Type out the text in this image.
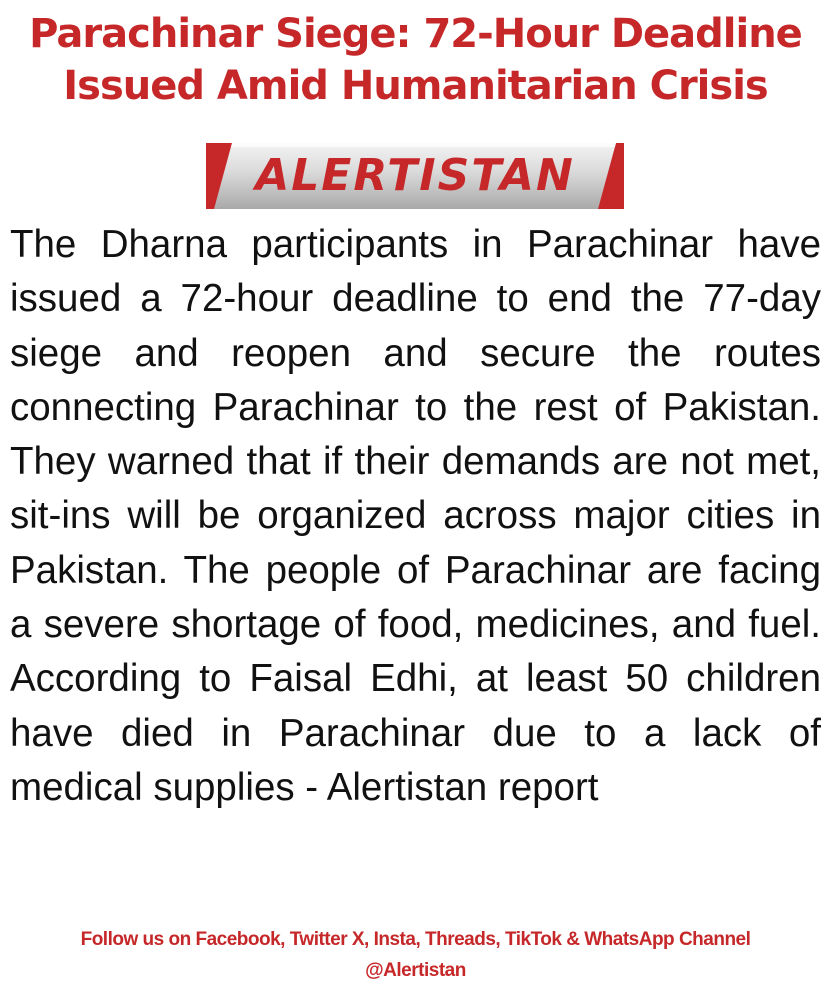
Parachinar Siege: 72-Hour Deadline
Issued Amid Humanitarian Crisis
ALERTISTAN

The Dharna participants in Parachinar have issued a 72-hour deadline to end the 77-day siege and reopen and secure the routes connecting Parachinar to the rest of Pakistan. They warned that if their demands are not met, sit-ins will be organized across major cities in Pakistan. The people of Parachinar are facing a severe shortage of food, medicines, and fuel. According to Faisal Edhi, at least 50 children have died in Parachinar due to a lack of medical supplies - Alertistan report

Follow us on Facebook, Twitter X, Insta, Threads, TikTok & WhatsApp Channel
@Alertistan
